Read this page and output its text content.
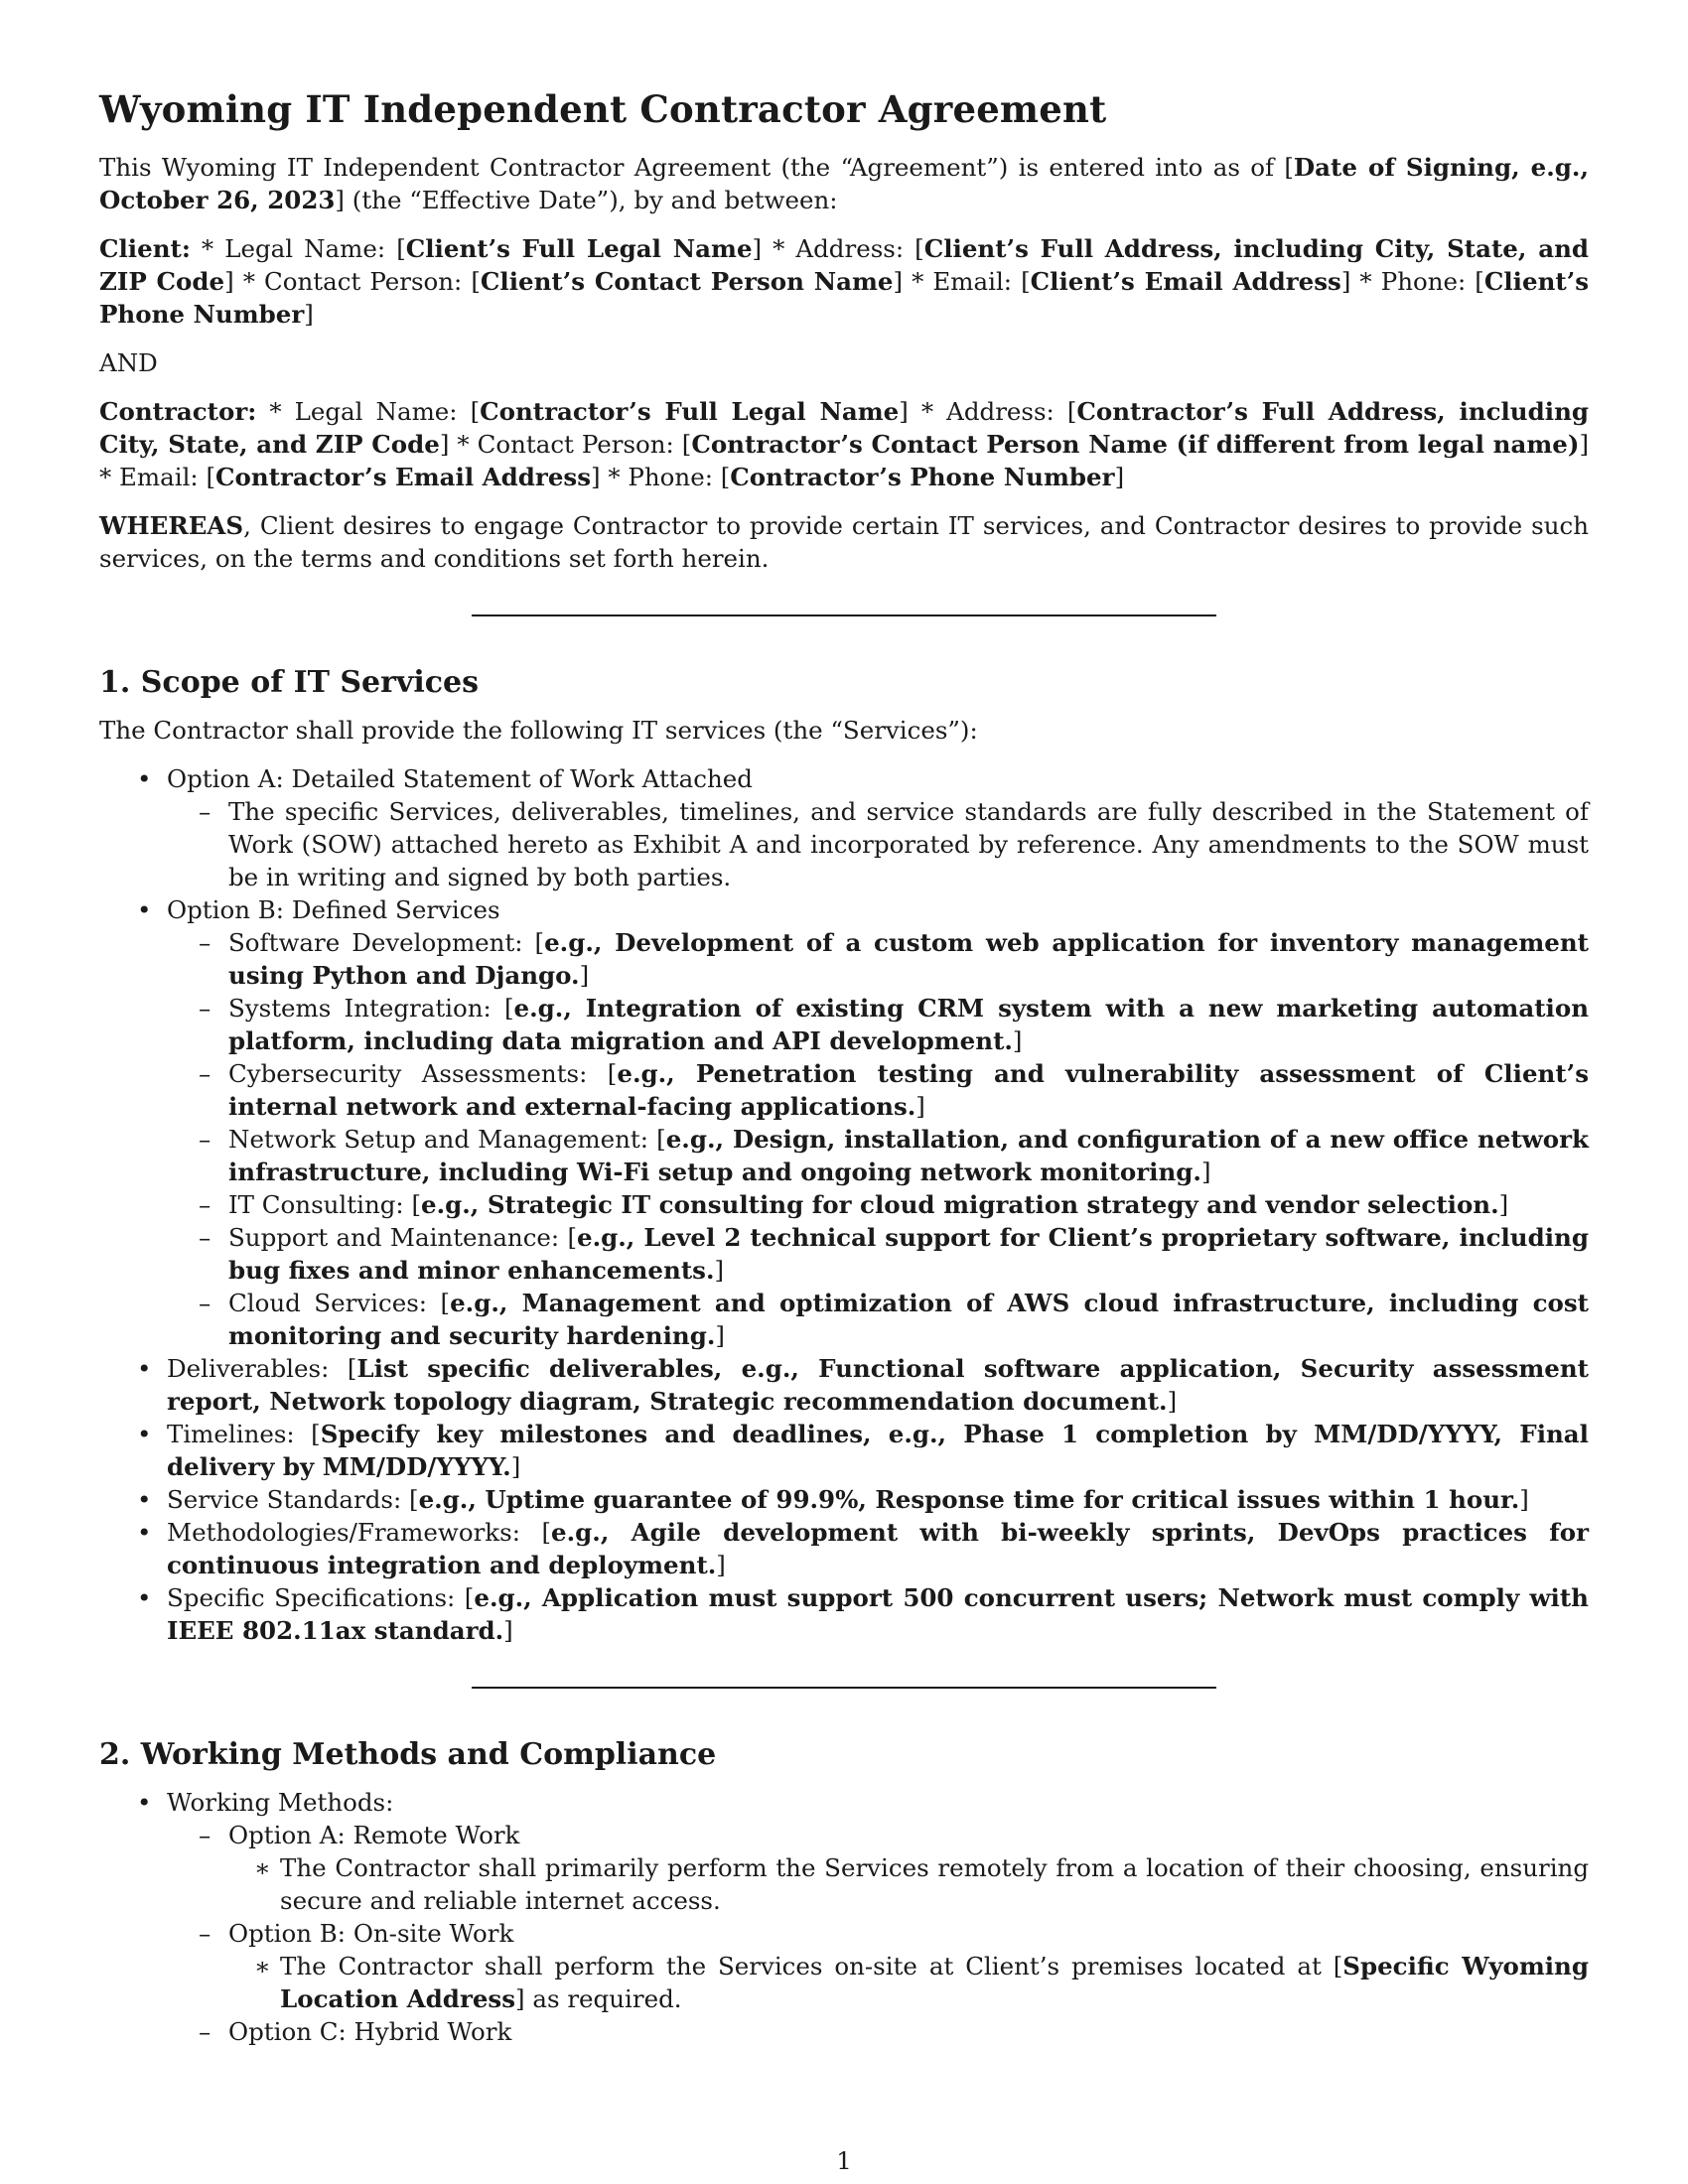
Wyoming IT Independent Contractor Agreement

This Wyoming IT Independent Contractor Agreement (the “Agreement”) is entered into as of [Date of Signing, e.g., October 26, 2023] (the “Effective Date”), by and between:

Client: * Legal Name: [Client’s Full Legal Name] * Address: [Client’s Full Address, including City, State, and ZIP Code] * Contact Person: [Client’s Contact Person Name] * Email: [Client’s Email Address] * Phone: [Client’s Phone Number]

AND

Contractor: * Legal Name: [Contractor’s Full Legal Name] * Address: [Contractor’s Full Address, including City, State, and ZIP Code] * Contact Person: [Contractor’s Contact Person Name (if different from legal name)] * Email: [Contractor’s Email Address] * Phone: [Contractor’s Phone Number]

WHEREAS, Client desires to engage Contractor to provide certain IT services, and Contractor desires to provide such services, on the terms and conditions set forth herein.

1. Scope of IT Services

The Contractor shall provide the following IT services (the “Services”):

• Option A: Detailed Statement of Work Attached
– The specific Services, deliverables, timelines, and service standards are fully described in the Statement of Work (SOW) attached hereto as Exhibit A and incorporated by reference. Any amendments to the SOW must be in writing and signed by both parties.
• Option B: Defined Services
– Software Development: [e.g., Development of a custom web application for inventory management using Python and Django.]
– Systems Integration: [e.g., Integration of existing CRM system with a new marketing automation platform, including data migration and API development.]
– Cybersecurity Assessments: [e.g., Penetration testing and vulnerability assessment of Client’s internal network and external-facing applications.]
– Network Setup and Management: [e.g., Design, installation, and configuration of a new office network infrastructure, including Wi-Fi setup and ongoing network monitoring.]
– IT Consulting: [e.g., Strategic IT consulting for cloud migration strategy and vendor selection.]
– Support and Maintenance: [e.g., Level 2 technical support for Client’s proprietary software, including bug fixes and minor enhancements.]
– Cloud Services: [e.g., Management and optimization of AWS cloud infrastructure, including cost monitoring and security hardening.]
• Deliverables: [List specific deliverables, e.g., Functional software application, Security assessment report, Network topology diagram, Strategic recommendation document.]
• Timelines: [Specify key milestones and deadlines, e.g., Phase 1 completion by MM/DD/YYYY, Final delivery by MM/DD/YYYY.]
• Service Standards: [e.g., Uptime guarantee of 99.9%, Response time for critical issues within 1 hour.]
• Methodologies/Frameworks: [e.g., Agile development with bi-weekly sprints, DevOps practices for continuous integration and deployment.]
• Specific Specifications: [e.g., Application must support 500 concurrent users; Network must comply with IEEE 802.11ax standard.]
2. Working Methods and Compliance
• Working Methods:
– Option A: Remote Work
∗ The Contractor shall primarily perform the Services remotely from a location of their choosing, ensuring secure and reliable internet access.
– Option B: On-site Work
∗ The Contractor shall perform the Services on-site at Client’s premises located at [Specific Wyoming Location Address] as required.
– Option C: Hybrid Work
1
